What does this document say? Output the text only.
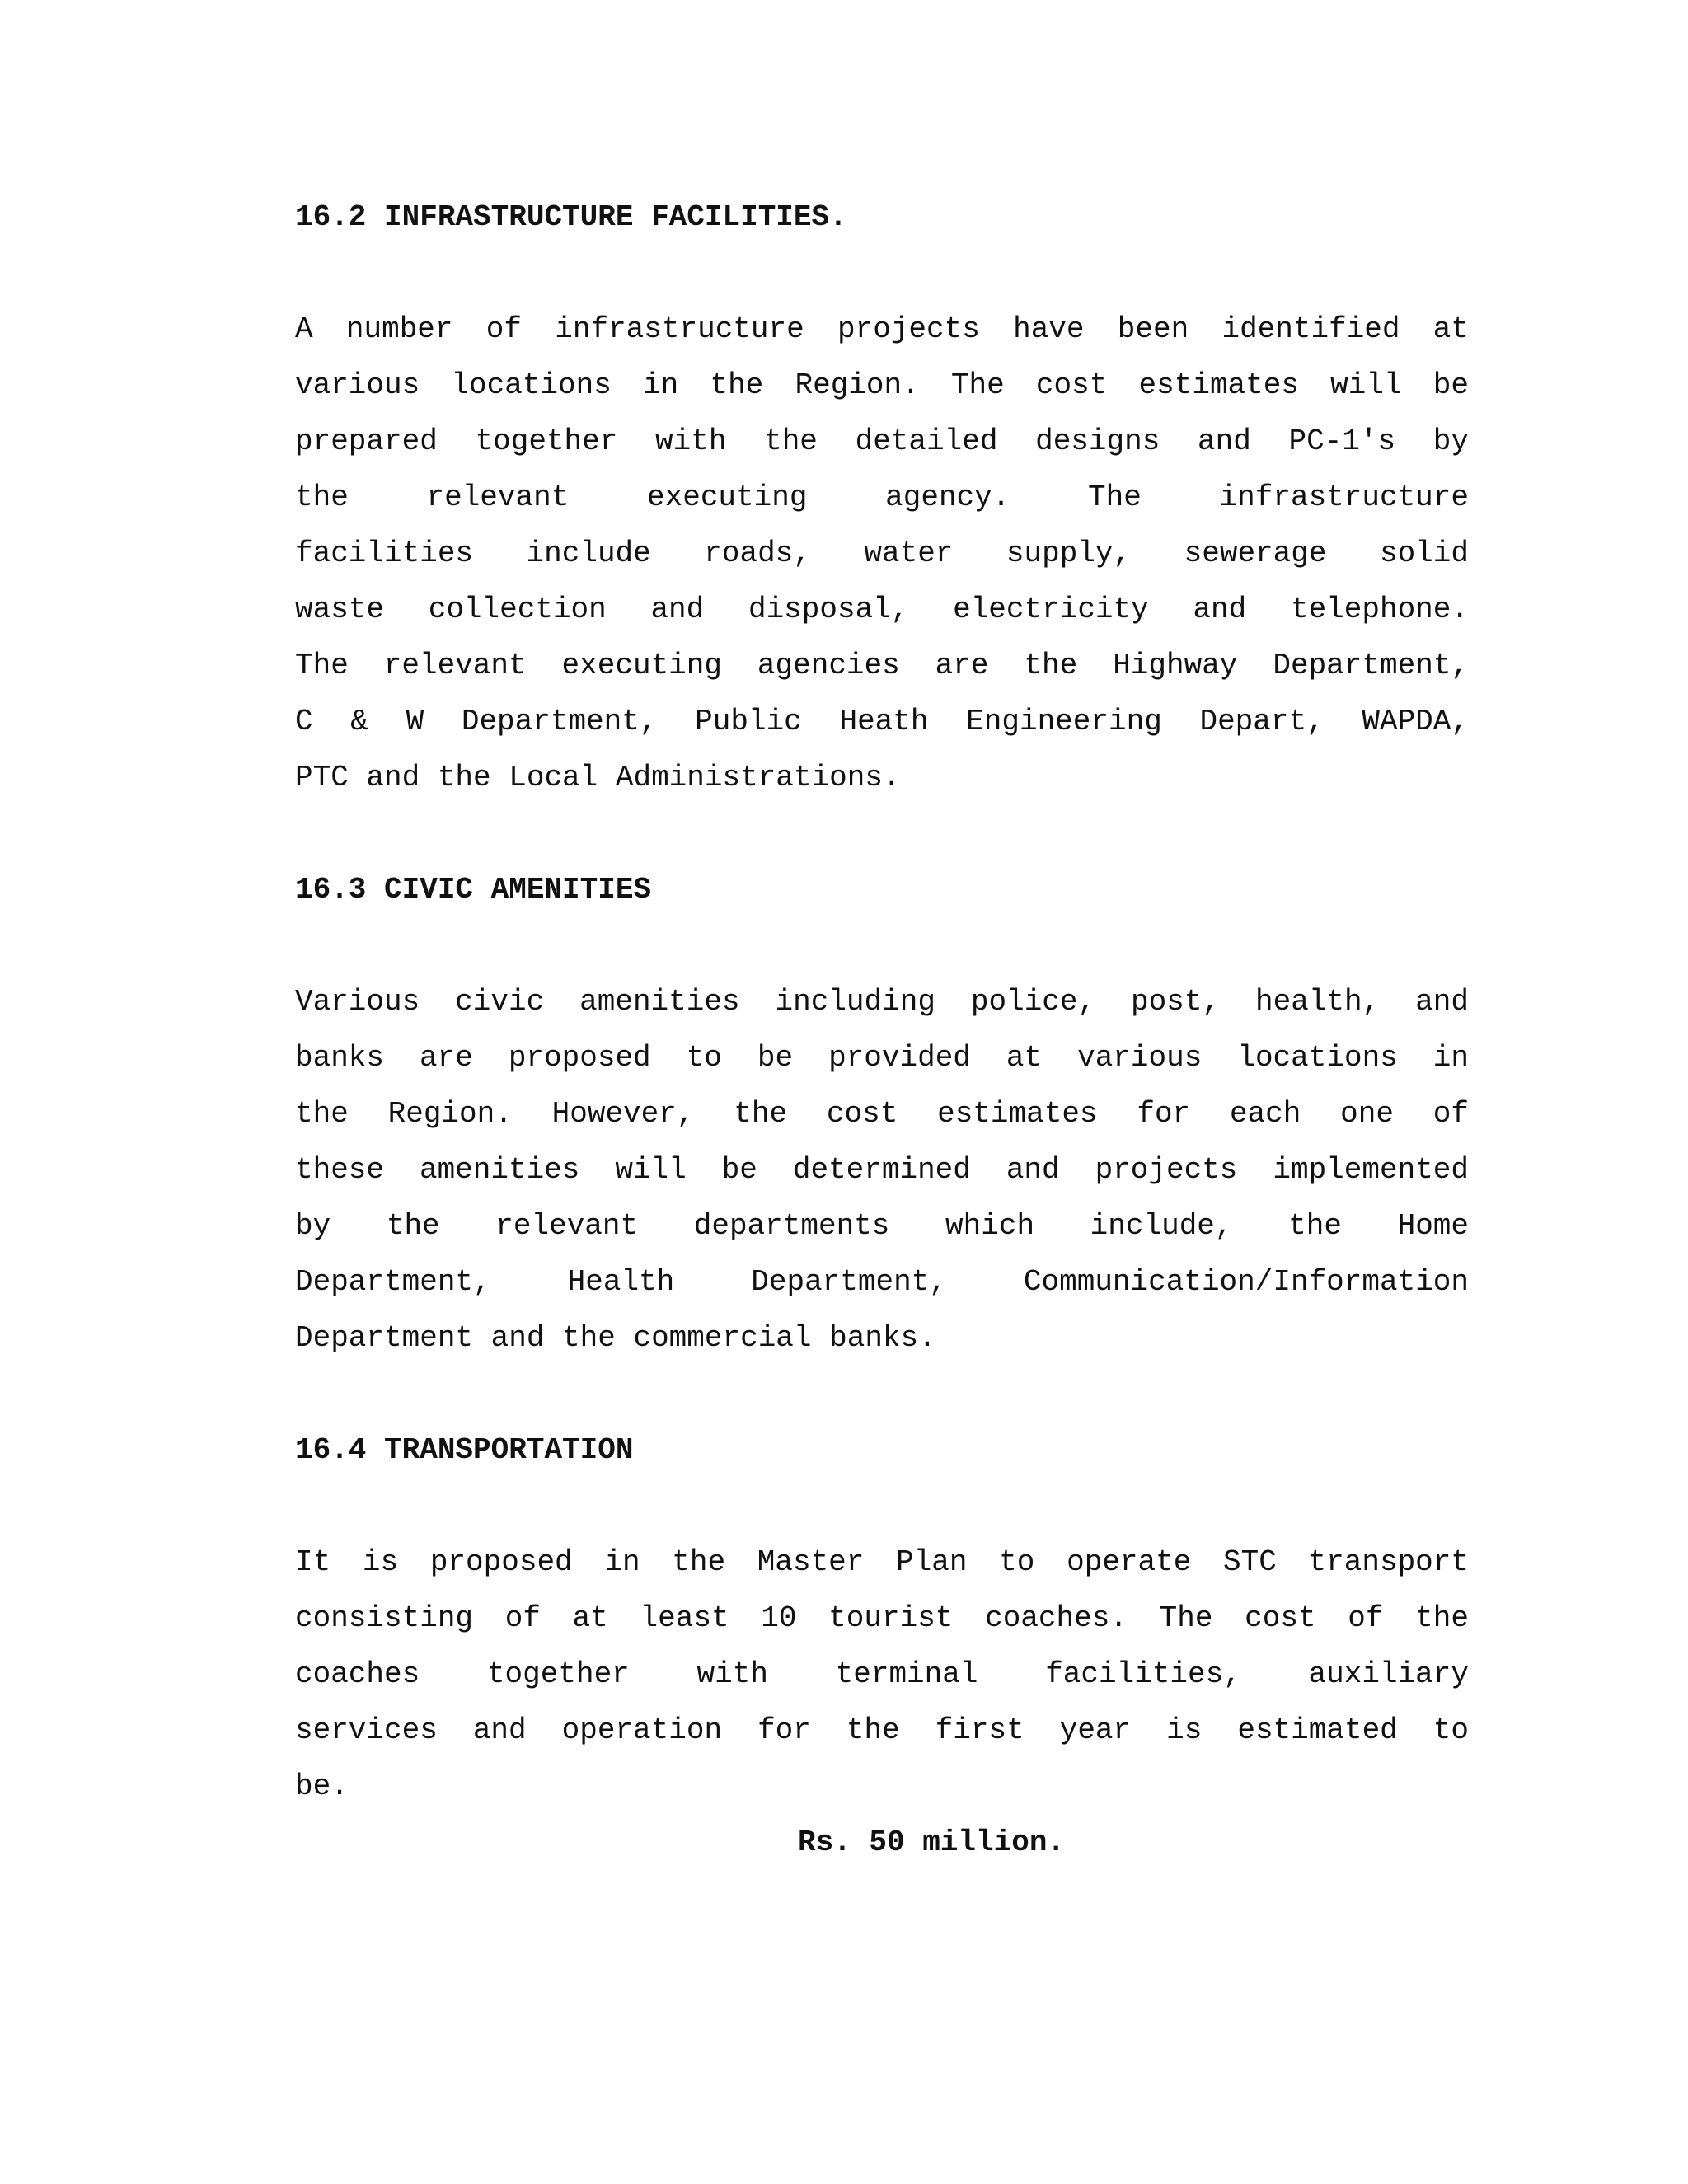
16.2 INFRASTRUCTURE FACILITIES.
A number of infrastructure projects have been identified at
various locations in the Region. The cost estimates will be
prepared together with the detailed designs and PC-1's by
the relevant executing agency. The infrastructure
facilities include roads, water supply, sewerage solid
waste collection and disposal, electricity and telephone.
The relevant executing agencies are the Highway Department,
C & W Department, Public Heath Engineering Depart, WAPDA,
PTC and the Local Administrations.
16.3 CIVIC AMENITIES
Various civic amenities including police, post, health, and
banks are proposed to be provided at various locations in
the Region. However, the cost estimates for each one of
these amenities will be determined and projects implemented
by the relevant departments which include, the Home
Department, Health Department, Communication/Information
Department and the commercial banks.
16.4 TRANSPORTATION
It is proposed in the Master Plan to operate STC transport
consisting of at least 10 tourist coaches. The cost of the
coaches together with terminal facilities, auxiliary
services and operation for the first year is estimated to
be.
Rs. 50 million.
